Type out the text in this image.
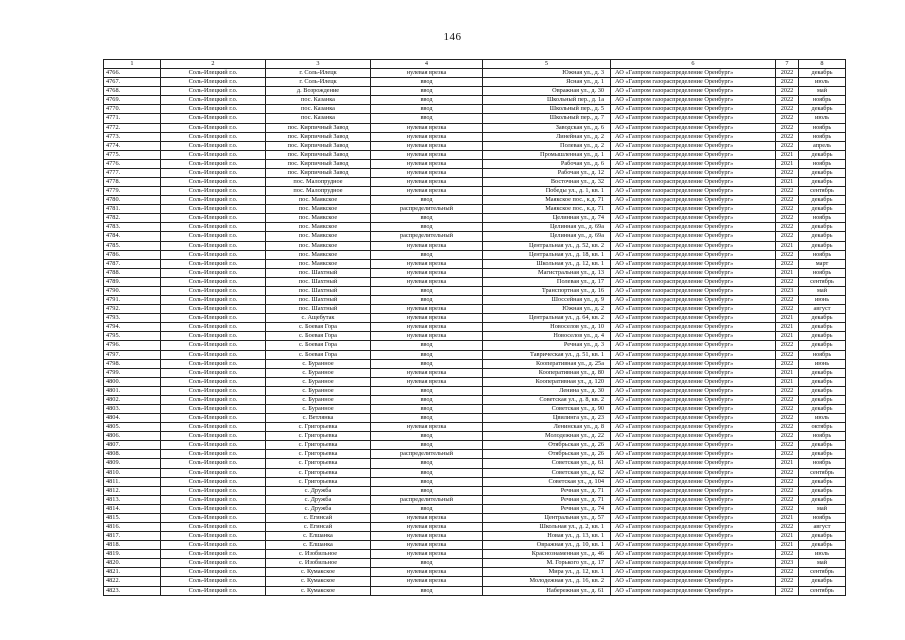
146
1	2	3	4	5	6	7	8
4766.	Соль-Илецкий г.о.	г. Соль-Илецк	нулевая врезка	Южная ул., д. 3	АО «Газпром газораспределение Оренбург»	2022	декабрь
4767.	Соль-Илецкий г.о.	г. Соль-Илецк	ввод	Ясная ул., д. 1	АО «Газпром газораспределение Оренбург»	2022	июль
4768.	Соль-Илецкий г.о.	д. Возрождение	ввод	Овражная ул., д. 30	АО «Газпром газораспределение Оренбург»	2022	май
4769.	Соль-Илецкий г.о.	пос. Казанка	ввод	Школьный пер., д. 1а	АО «Газпром газораспределение Оренбург»	2022	ноябрь
4770.	Соль-Илецкий г.о.	пос. Казанка	ввод	Школьный пер., д. 5	АО «Газпром газораспределение Оренбург»	2022	декабрь
4771.	Соль-Илецкий г.о.	пос. Казанка	ввод	Школьный пер., д. 7	АО «Газпром газораспределение Оренбург»	2022	июль
4772.	Соль-Илецкий г.о.	пос. Кирпичный Завод	нулевая врезка	Заводская ул., д. 6	АО «Газпром газораспределение Оренбург»	2022	ноябрь
4773.	Соль-Илецкий г.о.	пос. Кирпичный Завод	нулевая врезка	Линейная ул., д. 2	АО «Газпром газораспределение Оренбург»	2022	ноябрь
4774.	Соль-Илецкий г.о.	пос. Кирпичный Завод	нулевая врезка	Полевая ул., д. 2	АО «Газпром газораспределение Оренбург»	2022	апрель
4775.	Соль-Илецкий г.о.	пос. Кирпичный Завод	нулевая врезка	Промышленная ул., д. 1	АО «Газпром газораспределение Оренбург»	2021	декабрь
4776.	Соль-Илецкий г.о.	пос. Кирпичный Завод	нулевая врезка	Рабочая ул., д. 6	АО «Газпром газораспределение Оренбург»	2021	ноябрь
4777.	Соль-Илецкий г.о.	пос. Кирпичный Завод	нулевая врезка	Рабочая ул., д. 12	АО «Газпром газораспределение Оренбург»	2022	декабрь
4778.	Соль-Илецкий г.о.	пос. Малопрудное	нулевая врезка	Восточная ул., д. 32	АО «Газпром газораспределение Оренбург»	2021	декабрь
4779.	Соль-Илецкий г.о.	пос. Малопрудное	нулевая врезка	Победы ул., д. 1, кв. 1	АО «Газпром газораспределение Оренбург»	2022	сентябрь
4780.	Соль-Илецкий г.о.	пос. Маякское	ввод	Маякское пос., к.д. 71	АО «Газпром газораспределение Оренбург»	2022	декабрь
4781.	Соль-Илецкий г.о.	пос. Маякское	распределительный	Маякское пос., к.д. 71	АО «Газпром газораспределение Оренбург»	2022	декабрь
4782.	Соль-Илецкий г.о.	пос. Маякское	ввод	Целинная ул., д. 74	АО «Газпром газораспределение Оренбург»	2022	ноябрь
4783.	Соль-Илецкий г.о.	пос. Маякское	ввод	Целинная ул., д. 69а	АО «Газпром газораспределение Оренбург»	2022	декабрь
4784.	Соль-Илецкий г.о.	пос. Маякское	распределительный	Целинная ул., д. 69а	АО «Газпром газораспределение Оренбург»	2022	декабрь
4785.	Соль-Илецкий г.о.	пос. Маякское	нулевая врезка	Центральная ул., д. 52, кв. 2	АО «Газпром газораспределение Оренбург»	2021	декабрь
4786.	Соль-Илецкий г.о.	пос. Маякское	ввод	Центральная ул., д. 18, кв. 1	АО «Газпром газораспределение Оренбург»	2022	ноябрь
4787.	Соль-Илецкий г.о.	пос. Маякское	нулевая врезка	Школьная ул., д. 12, кв. 1	АО «Газпром газораспределение Оренбург»	2022	март
4788.	Соль-Илецкий г.о.	пос. Шахтный	нулевая врезка	Магистральная ул., д. 13	АО «Газпром газораспределение Оренбург»	2021	ноябрь
4789.	Соль-Илецкий г.о.	пос. Шахтный	нулевая врезка	Полевая ул., д. 17	АО «Газпром газораспределение Оренбург»	2022	сентябрь
4790.	Соль-Илецкий г.о.	пос. Шахтный	ввод	Транспортная ул., д. 16	АО «Газпром газораспределение Оренбург»	2023	май
4791.	Соль-Илецкий г.о.	пос. Шахтный	ввод	Шоссейная ул., д. 9	АО «Газпром газораспределение Оренбург»	2022	июнь
4792.	Соль-Илецкий г.о.	пос. Шахтный	нулевая врезка	Южная ул., д. 2	АО «Газпром газораспределение Оренбург»	2022	август
4793.	Соль-Илецкий г.о.	с. Ащебутак	нулевая врезка	Центральная ул., д. 64, кв. 2	АО «Газпром газораспределение Оренбург»	2021	декабрь
4794.	Соль-Илецкий г.о.	с. Боевая Гора	нулевая врезка	Новоселов ул., д. 10	АО «Газпром газораспределение Оренбург»	2021	декабрь
4795.	Соль-Илецкий г.о.	с. Боевая Гора	нулевая врезка	Новоселов ул., д. 4	АО «Газпром газораспределение Оренбург»	2021	декабрь
4796.	Соль-Илецкий г.о.	с. Боевая Гора	ввод	Речная ул., д. 3	АО «Газпром газораспределение Оренбург»	2022	декабрь
4797.	Соль-Илецкий г.о.	с. Боевая Гора	ввод	Таврическая ул., д. 51, кв. 1	АО «Газпром газораспределение Оренбург»	2022	ноябрь
4798.	Соль-Илецкий г.о.	с. Буранное	ввод	Кооперативная ул., д. 25а	АО «Газпром газораспределение Оренбург»	2022	июнь
4799.	Соль-Илецкий г.о.	с. Буранное	нулевая врезка	Кооперативная ул., д. 80	АО «Газпром газораспределение Оренбург»	2021	декабрь
4800.	Соль-Илецкий г.о.	с. Буранное	нулевая врезка	Кооперативная ул., д. 120	АО «Газпром газораспределение Оренбург»	2021	декабрь
4801.	Соль-Илецкий г.о.	с. Буранное	ввод	Ленина ул., д. 30	АО «Газпром газораспределение Оренбург»	2022	декабрь
4802.	Соль-Илецкий г.о.	с. Буранное	ввод	Советская ул., д. 8, кв. 2	АО «Газпром газораспределение Оренбург»	2022	декабрь
4803.	Соль-Илецкий г.о.	с. Буранное	ввод	Советская ул., д. 90	АО «Газпром газораспределение Оренбург»	2022	декабрь
4804.	Соль-Илецкий г.о.	с. Ветлянка	ввод	Цвилинга ул., д. 23	АО «Газпром газораспределение Оренбург»	2022	июль
4805.	Соль-Илецкий г.о.	с. Григорьевка	нулевая врезка	Ленинская ул., д. 8	АО «Газпром газораспределение Оренбург»	2022	октябрь
4806.	Соль-Илецкий г.о.	с. Григорьевка	ввод	Молодежная ул., д. 22	АО «Газпром газораспределение Оренбург»	2022	ноябрь
4807.	Соль-Илецкий г.о.	с. Григорьевка	ввод	Отябрьская ул., д. 26	АО «Газпром газораспределение Оренбург»	2022	декабрь
4808.	Соль-Илецкий г.о.	с. Григорьевка	распределительный	Отябрьская ул., д. 26	АО «Газпром газораспределение Оренбург»	2022	декабрь
4809.	Соль-Илецкий г.о.	с. Григорьевка	ввод	Советская ул., д. 61	АО «Газпром газораспределение Оренбург»	2021	ноябрь
4810.	Соль-Илецкий г.о.	с. Григорьевка	ввод	Советская ул., д. 62	АО «Газпром газораспределение Оренбург»	2022	сентябрь
4811.	Соль-Илецкий г.о.	с. Григорьевка	ввод	Советская ул., д. 104	АО «Газпром газораспределение Оренбург»	2022	декабрь
4812.	Соль-Илецкий г.о.	с. Дружба	ввод	Речная ул., д. 71	АО «Газпром газораспределение Оренбург»	2022	декабрь
4813.	Соль-Илецкий г.о.	с. Дружба	распределительный	Речная ул., д. 71	АО «Газпром газораспределение Оренбург»	2022	декабрь
4814.	Соль-Илецкий г.о.	с. Дружба	ввод	Речная ул., д. 74	АО «Газпром газораспределение Оренбург»	2022	май
4815.	Соль-Илецкий г.о.	с. Егинсай	нулевая врезка	Центральная ул., д. 57	АО «Газпром газораспределение Оренбург»	2021	ноябрь
4816.	Соль-Илецкий г.о.	с. Егинсай	нулевая врезка	Школьная ул., д. 2, кв. 1	АО «Газпром газораспределение Оренбург»	2022	август
4817.	Соль-Илецкий г.о.	с. Елшанка	нулевая врезка	Новая ул., д. 13, кв. 1	АО «Газпром газораспределение Оренбург»	2021	декабрь
4818.	Соль-Илецкий г.о.	с. Елшанка	нулевая врезка	Овражная ул., д. 10, кв. 1	АО «Газпром газораспределение Оренбург»	2021	декабрь
4819.	Соль-Илецкий г.о.	с. Изобильное	нулевая врезка	Краснознаменная ул., д. 46	АО «Газпром газораспределение Оренбург»	2022	июль
4820.	Соль-Илецкий г.о.	с. Изобильное	ввод	М. Горького ул., д. 17	АО «Газпром газораспределение Оренбург»	2023	май
4821.	Соль-Илецкий г.о.	с. Кумакское	нулевая врезка	Мира ул., д. 12, кв. 1	АО «Газпром газораспределение Оренбург»	2022	сентябрь
4822.	Соль-Илецкий г.о.	с. Кумакское	нулевая врезка	Молодежная ул., д. 16, кв. 2	АО «Газпром газораспределение Оренбург»	2022	декабрь
4823.	Соль-Илецкий г.о.	с. Кумакское	ввод	Набережная ул., д. 61	АО «Газпром газораспределение Оренбург»	2022	сентябрь
